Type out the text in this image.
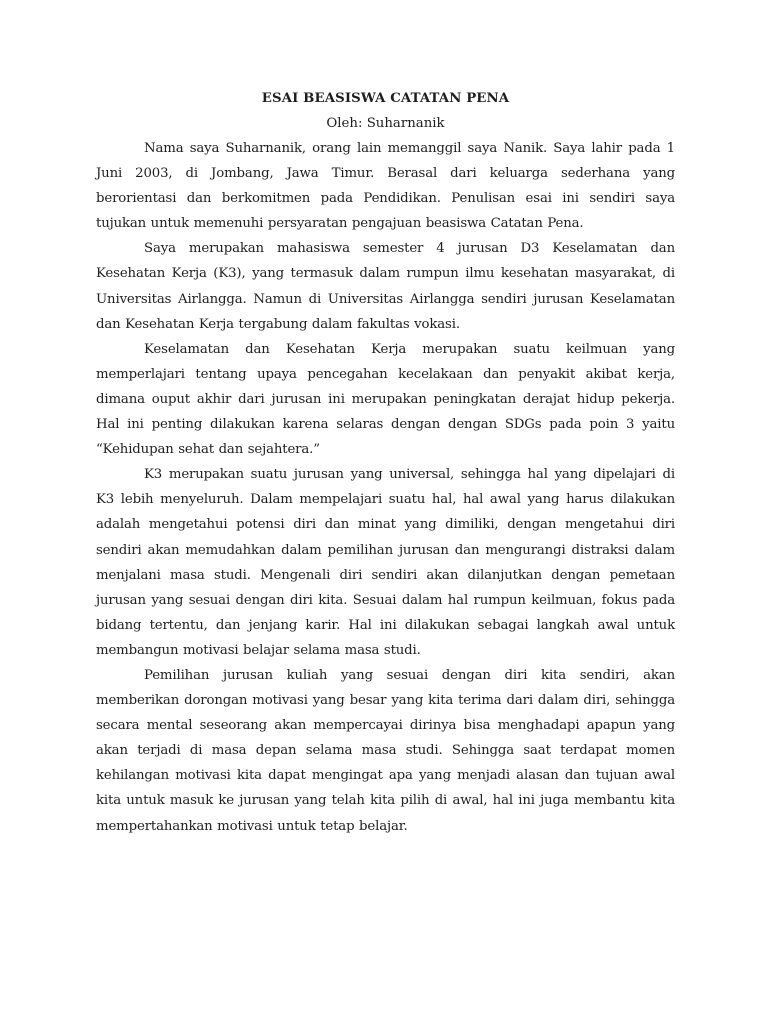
ESAI BEASISWA CATATAN PENA
Oleh: Suharnanik

Nama saya Suharnanik, orang lain memanggil saya Nanik. Saya lahir pada 1 Juni 2003, di Jombang, Jawa Timur. Berasal dari keluarga sederhana yang berorientasi dan berkomitmen pada Pendidikan. Penulisan esai ini sendiri saya tujukan untuk memenuhi persyaratan pengajuan beasiswa Catatan Pena.

Saya merupakan mahasiswa semester 4 jurusan D3 Keselamatan dan Kesehatan Kerja (K3), yang termasuk dalam rumpun ilmu kesehatan masyarakat, di Universitas Airlangga. Namun di Universitas Airlangga sendiri jurusan Keselamatan dan Kesehatan Kerja tergabung dalam fakultas vokasi.

Keselamatan dan Kesehatan Kerja merupakan suatu keilmuan yang memperlajari tentang upaya pencegahan kecelakaan dan penyakit akibat kerja, dimana ouput akhir dari jurusan ini merupakan peningkatan derajat hidup pekerja. Hal ini penting dilakukan karena selaras dengan dengan SDGs pada poin 3 yaitu “Kehidupan sehat dan sejahtera.”

K3 merupakan suatu jurusan yang universal, sehingga hal yang dipelajari di K3 lebih menyeluruh. Dalam mempelajari suatu hal, hal awal yang harus dilakukan adalah mengetahui potensi diri dan minat yang dimiliki, dengan mengetahui diri sendiri akan memudahkan dalam pemilihan jurusan dan mengurangi distraksi dalam menjalani masa studi. Mengenali diri sendiri akan dilanjutkan dengan pemetaan jurusan yang sesuai dengan diri kita. Sesuai dalam hal rumpun keilmuan, fokus pada bidang tertentu, dan jenjang karir. Hal ini dilakukan sebagai langkah awal untuk membangun motivasi belajar selama masa studi.

Pemilihan jurusan kuliah yang sesuai dengan diri kita sendiri, akan memberikan dorongan motivasi yang besar yang kita terima dari dalam diri, sehingga secara mental seseorang akan mempercayai dirinya bisa menghadapi apapun yang akan terjadi di masa depan selama masa studi. Sehingga saat terdapat momen kehilangan motivasi kita dapat mengingat apa yang menjadi alasan dan tujuan awal kita untuk masuk ke jurusan yang telah kita pilih di awal, hal ini juga membantu kita mempertahankan motivasi untuk tetap belajar.
